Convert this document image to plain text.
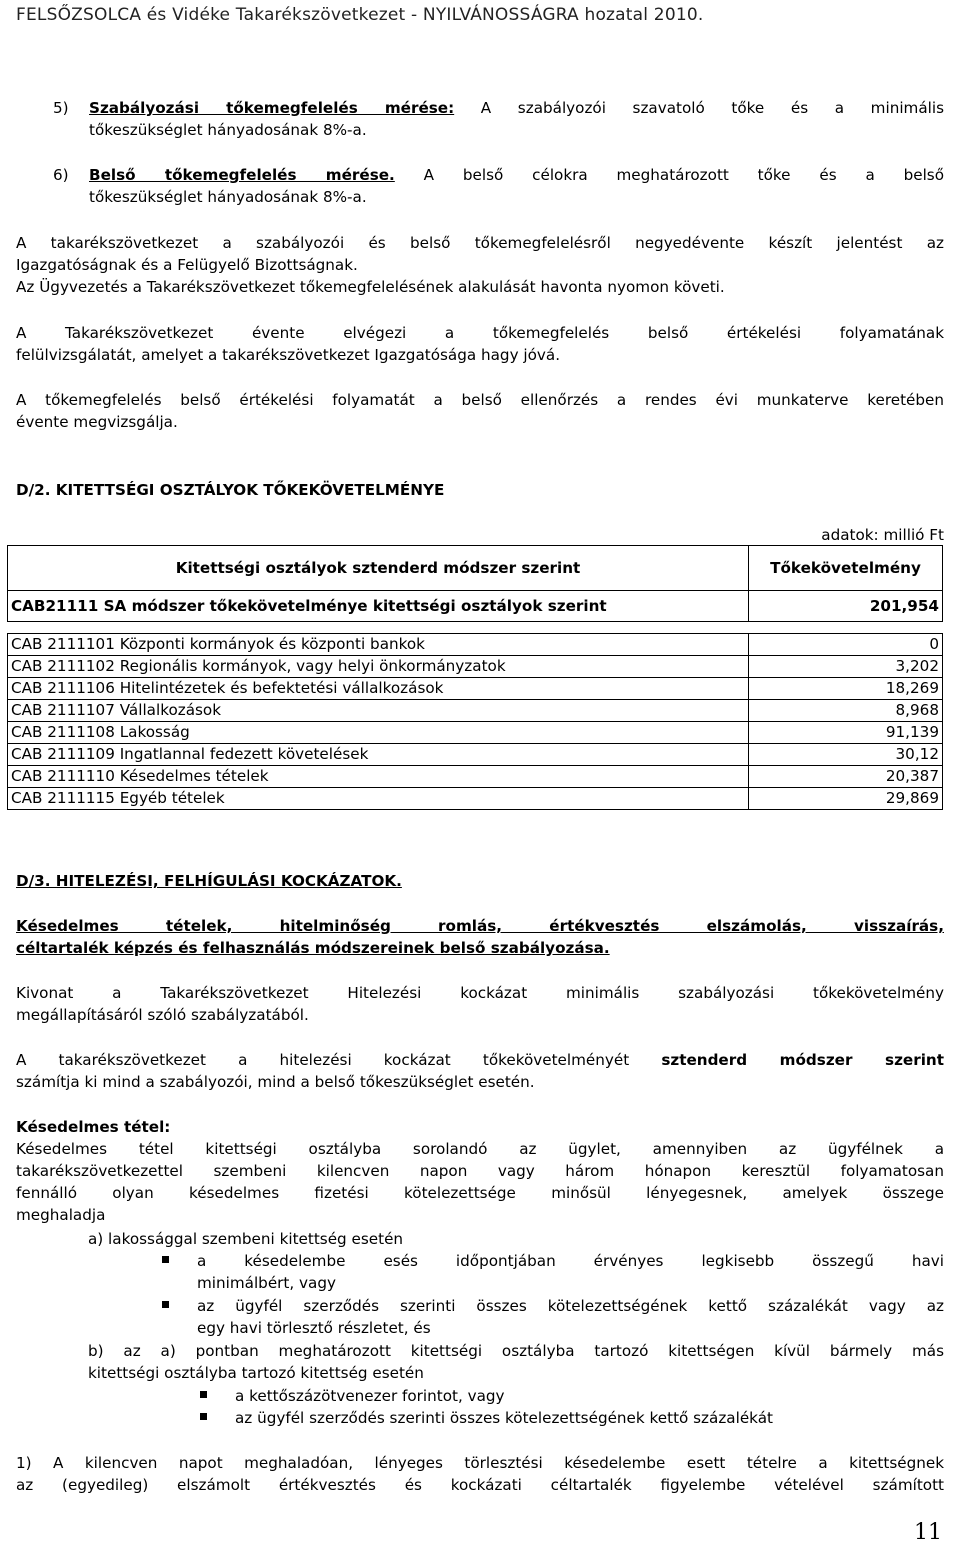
FELSŐZSOLCA és Vidéke Takarékszövetkezet - NYILVÁNOSSÁGRA hozatal 2010.
5) Szabályozási tőkemegfelelés mérése: A szabályozói szavatoló tőke és a minimális
tőkeszükséglet hányadosának 8%-a.
6) Belső tőkemegfelelés mérése. A belső célokra meghatározott tőke és a belső
tőkeszükséglet hányadosának 8%-a.
A takarékszövetkezet a szabályozói és belső tőkemegfelelésről negyedévente készít jelentést az
Igazgatóságnak és a Felügyelő Bizottságnak.
Az Ügyvezetés a Takarékszövetkezet tőkemegfelelésének alakulását havonta nyomon követi.
A Takarékszövetkezet évente elvégezi a tőkemegfelelés belső értékelési folyamatának
felülvizsgálatát, amelyet a takarékszövetkezet Igazgatósága hagy jóvá.
A tőkemegfelelés belső értékelési folyamatát a belső ellenőrzés a rendes évi munkaterve keretében
évente megvizsgálja.
D/2. KITETTSÉGI OSZTÁLYOK TŐKEKÖVETELMÉNYE
adatok: millió Ft
Kitettségi osztályok sztenderd módszer szerint	Tőkekövetelmény
CAB21111 SA módszer tőkekövetelménye kitettségi osztályok szerint	201,954

CAB 2111101 Központi kormányok és központi bankok	0
CAB 2111102 Regionális kormányok, vagy helyi önkormányzatok	3,202
CAB 2111106 Hitelintézetek és befektetési vállalkozások	18,269
CAB 2111107 Vállalkozások	8,968
CAB 2111108 Lakosság	91,139
CAB 2111109 Ingatlannal fedezett követelések	30,12
CAB 2111110 Késedelmes tételek	20,387
CAB 2111115 Egyéb tételek	29,869
D/3. HITELEZÉSI, FELHÍGULÁSI KOCKÁZATOK.
Késedelmes tételek, hitelminőség romlás, értékvesztés elszámolás, visszaírás,
céltartalék képzés és felhasználás módszereinek belső szabályozása.
Kivonat a Takarékszövetkezet Hitelezési kockázat minimális szabályozási tőkekövetelmény
megállapításáról szóló szabályzatából.
A takarékszövetkezet a hitelezési kockázat tőkekövetelményét sztenderd módszer szerint
számítja ki mind a szabályozói, mind a belső tőkeszükséglet esetén.
Késedelmes tétel:
Késedelmes tétel kitettségi osztályba sorolandó az ügylet, amennyiben az ügyfélnek a
takarékszövetkezettel szembeni kilencven napon vagy három hónapon keresztül folyamatosan
fennálló olyan késedelmes fizetési kötelezettsége minősül lényegesnek, amelyek összege
meghaladja
a) lakossággal szembeni kitettség esetén
a késedelembe esés időpontjában érvényes legkisebb összegű havi
minimálbért, vagy
az ügyfél szerződés szerinti összes kötelezettségének kettő százalékát vagy az
egy havi törlesztő részletet, és
b) az a) pontban meghatározott kitettségi osztályba tartozó kitettségen kívül bármely más
kitettségi osztályba tartozó kitettség esetén
a kettőszázötvenezer forintot, vagy
az ügyfél szerződés szerinti összes kötelezettségének kettő százalékát
1) A kilencven napot meghaladóan, lényeges törlesztési késedelembe esett tételre a kitettségnek
az (egyedileg) elszámolt értékvesztés és kockázati céltartalék figyelembe vételével számított
11
